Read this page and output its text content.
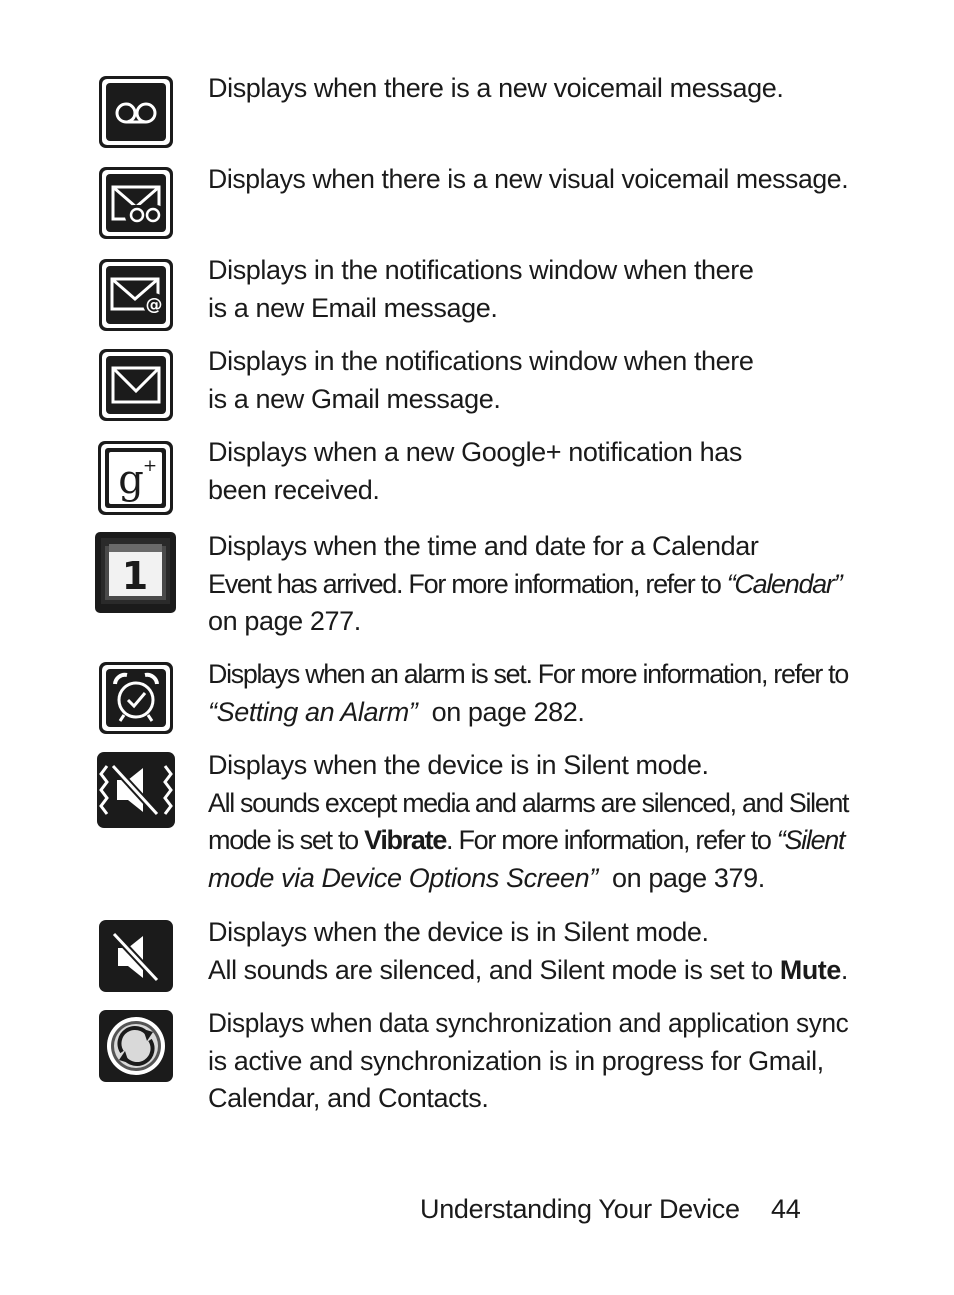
Displays when there is a new voicemail message.

Displays when there is a new visual voicemail message.

@

Displays in the notifications window when there

is a new Email message.

Displays in the notifications window when there

is a new Gmail message.

g + Displays when a new Google+ notification has

been received.

1

Displays when the time and date for a Calendar

Event has arrived. For more information, refer to “Calendar”

on page 277.

Displays when an alarm is set. For more information, refer to

“Setting an Alarm”  on page 282.

Displays when the device is in Silent mode.

All sounds except media and alarms are silenced, and Silent

mode is set to Vibrate. For more information, refer to “Silent

mode via Device Options Screen”  on page 379.

Displays when the device is in Silent mode.

All sounds are silenced, and Silent mode is set to Mute.

Displays when data synchronization and application sync

is active and synchronization is in progress for Gmail,

Calendar, and Contacts.

Understanding Your Device 44
